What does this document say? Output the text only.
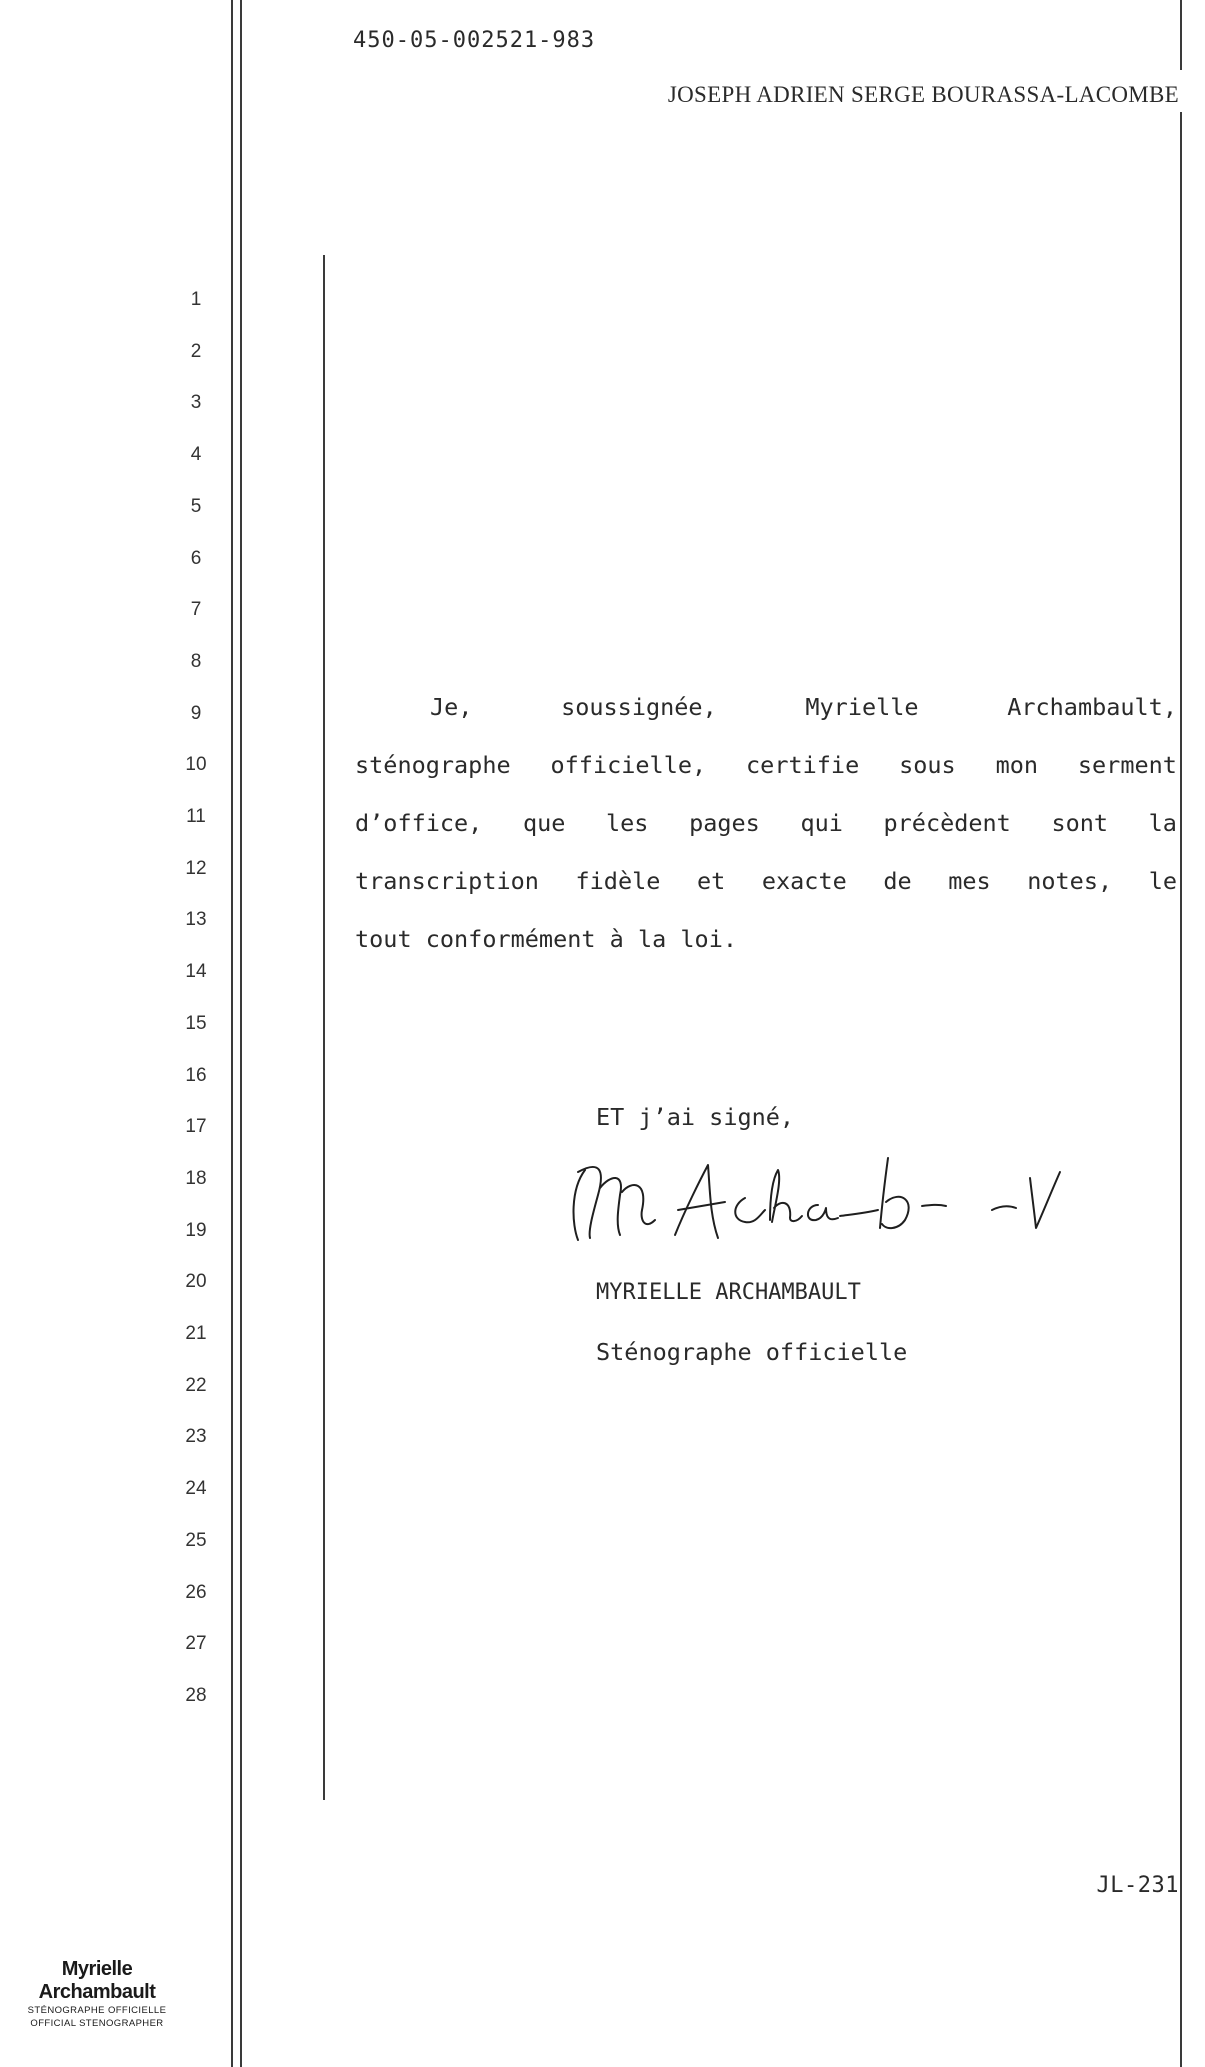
450-05-002521-983
JOSEPH ADRIEN SERGE BOURASSA-LACOMBE
1
2
3
4
5
6
7
8
9
10
11
12
13
14
15
16
17
18
19
20
21
22
23
24
25
26
27
28
Je,	soussignée,	Myrielle	Archambault,
sténographe officielle, certifie sous mon serment
d’office, que les pages qui précèdent sont la
transcription fidèle et exacte de mes notes, le
tout conformément à la loi.
ET j’ai signé,
MYRIELLE ARCHAMBAULT
Sténographe officielle
JL-231
Myrielle Archambault
STÉNOGRAPHE OFFICIELLE
OFFICIAL STENOGRAPHER
